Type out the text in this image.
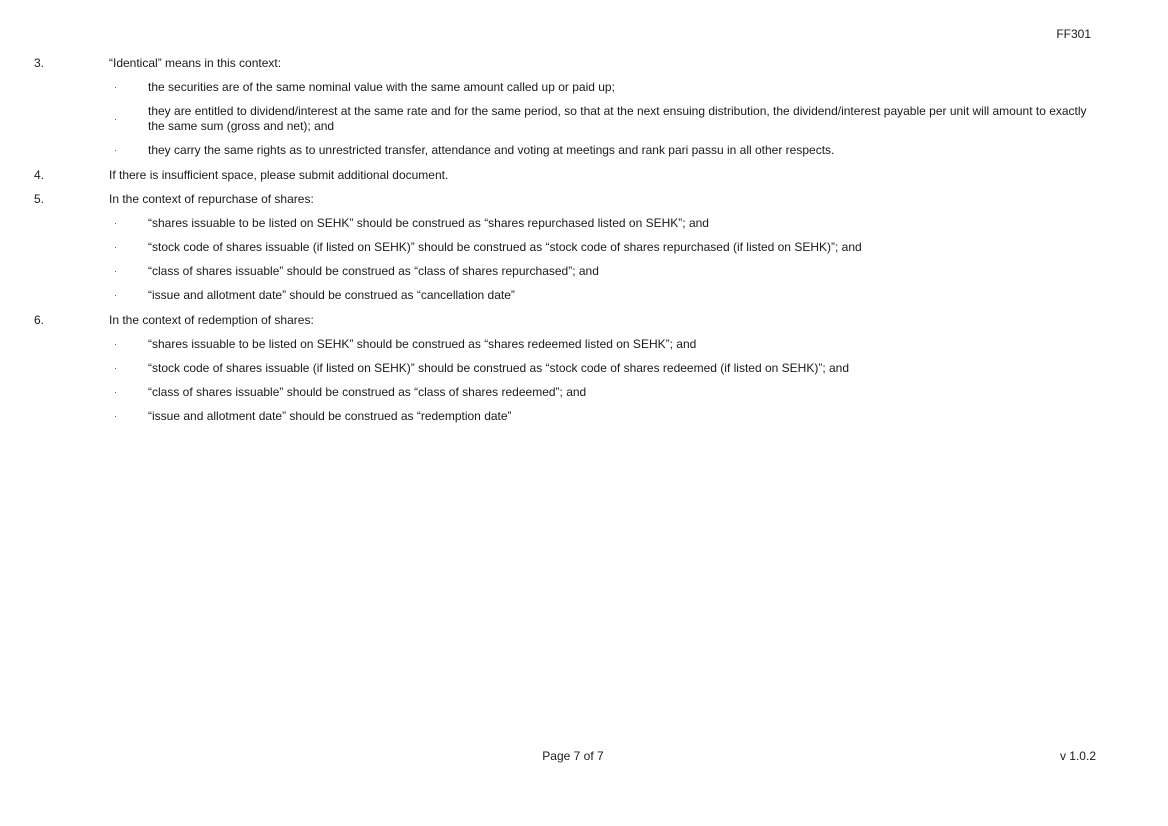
FF301
3.	“Identical” means in this context:
·	the securities are of the same nominal value with the same amount called up or paid up;
·
they are entitled to dividend/interest at the same rate and for the same period, so that at the next ensuing distribution, the dividend/interest payable per unit will amount to exactly the same sum (gross and net); and
·	they carry the same rights as to unrestricted transfer, attendance and voting at meetings and rank pari passu in all other respects.
4.	If there is insufficient space, please submit additional document.
5.	In the context of repurchase of shares:
·	“shares issuable to be listed on SEHK” should be construed as “shares repurchased listed on SEHK”; and
·	“stock code of shares issuable (if listed on SEHK)” should be construed as “stock code of shares repurchased (if listed on SEHK)”; and
·	“class of shares issuable” should be construed as “class of shares repurchased”; and
·	“issue and allotment date” should be construed as “cancellation date”
6.	In the context of redemption of shares:
·	“shares issuable to be listed on SEHK” should be construed as “shares redeemed listed on SEHK”; and
·	“stock code of shares issuable (if listed on SEHK)” should be construed as “stock code of shares redeemed (if listed on SEHK)”; and
·	“class of shares issuable” should be construed as “class of shares redeemed”; and
·	“issue and allotment date” should be construed as “redemption date”
Page 7 of 7	v 1.0.2
